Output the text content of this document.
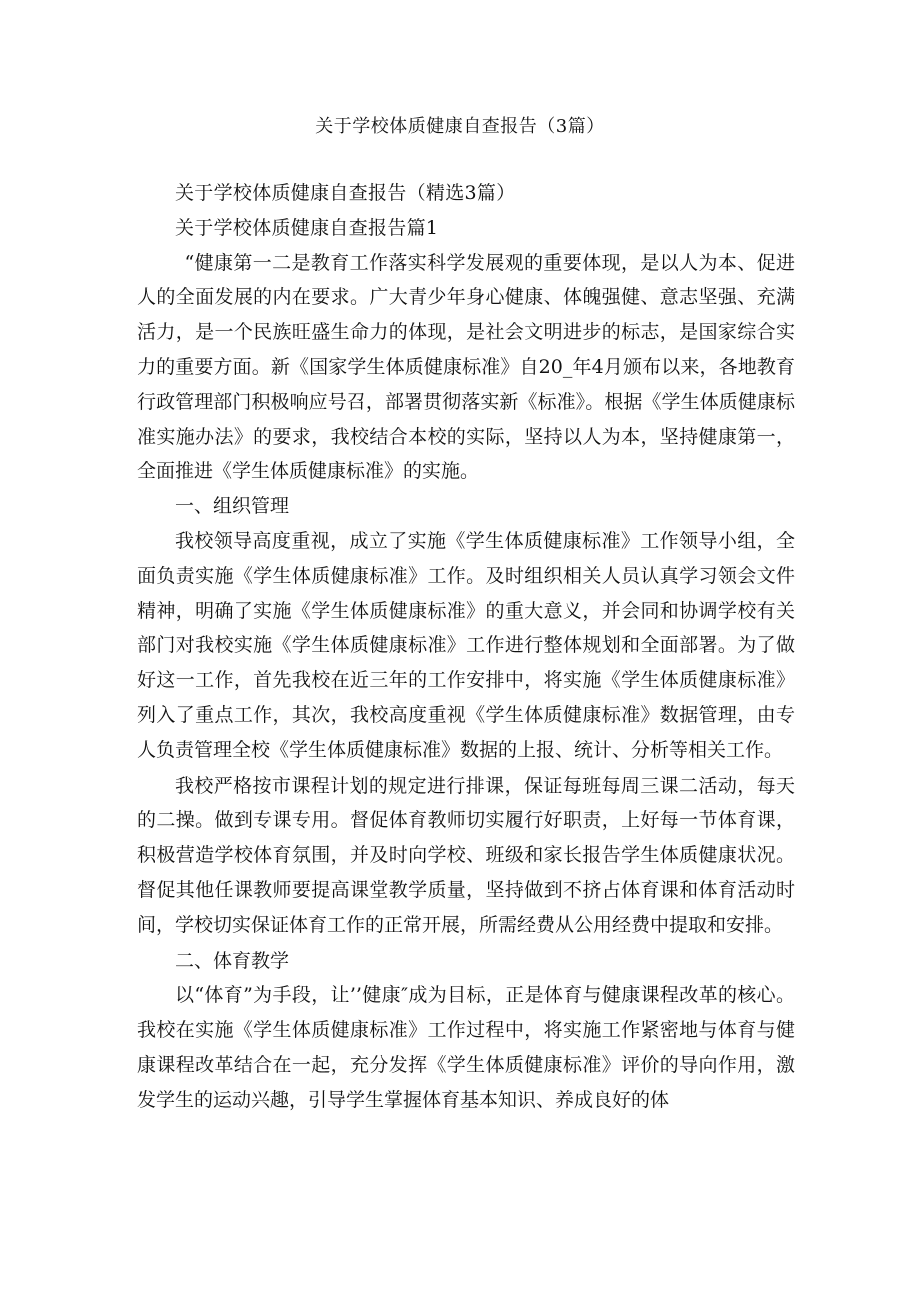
关于学校体质健康自查报告（3篇）

关于学校体质健康自查报告（精选3篇）

关于学校体质健康自查报告篇1

“健康第一二是教育工作落实科学发展观的重要体现，是以人为本、促进人的全面发展的内在要求。广大青少年身心健康、体魄强健、意志坚强、充满活力，是一个民族旺盛生命力的体现，是社会文明进步的标志，是国家综合实力的重要方面。新《国家学生体质健康标准》自20_年4月颁布以来，各地教育行政管理部门积极响应号召，部署贯彻落实新《标准》。根据《学生体质健康标准实施办法》的要求，我校结合本校的实际，坚持以人为本，坚持健康第一，全面推进《学生体质健康标准》的实施。

一、组织管理

我校领导高度重视，成立了实施《学生体质健康标准》工作领导小组，全面负责实施《学生体质健康标准》工作。及时组织相关人员认真学习领会文件精神，明确了实施《学生体质健康标准》的重大意义，并会同和协调学校有关部门对我校实施《学生体质健康标准》工作进行整体规划和全面部署。为了做好这一工作，首先我校在近三年的工作安排中，将实施《学生体质健康标准》列入了重点工作，其次，我校高度重视《学生体质健康标准》数据管理，由专人负责管理全校《学生体质健康标准》数据的上报、统计、分析等相关工作。

我校严格按市课程计划的规定进行排课，保证每班每周三课二活动，每天的二操。做到专课专用。督促体育教师切实履行好职责，上好每一节体育课，积极营造学校体育氛围，并及时向学校、班级和家长报告学生体质健康状况。督促其他任课教师要提高课堂教学质量，坚持做到不挤占体育课和体育活动时间，学校切实保证体育工作的正常开展，所需经费从公用经费中提取和安排。

二、体育教学

以“体育”为手段，让’’健康″成为目标，正是体育与健康课程改革的核心。我校在实施《学生体质健康标准》工作过程中，将实施工作紧密地与体育与健康课程改革结合在一起，充分发挥《学生体质健康标准》评价的导向作用，激发学生的运动兴趣，引导学生掌握体育基本知识、养成良好的体
